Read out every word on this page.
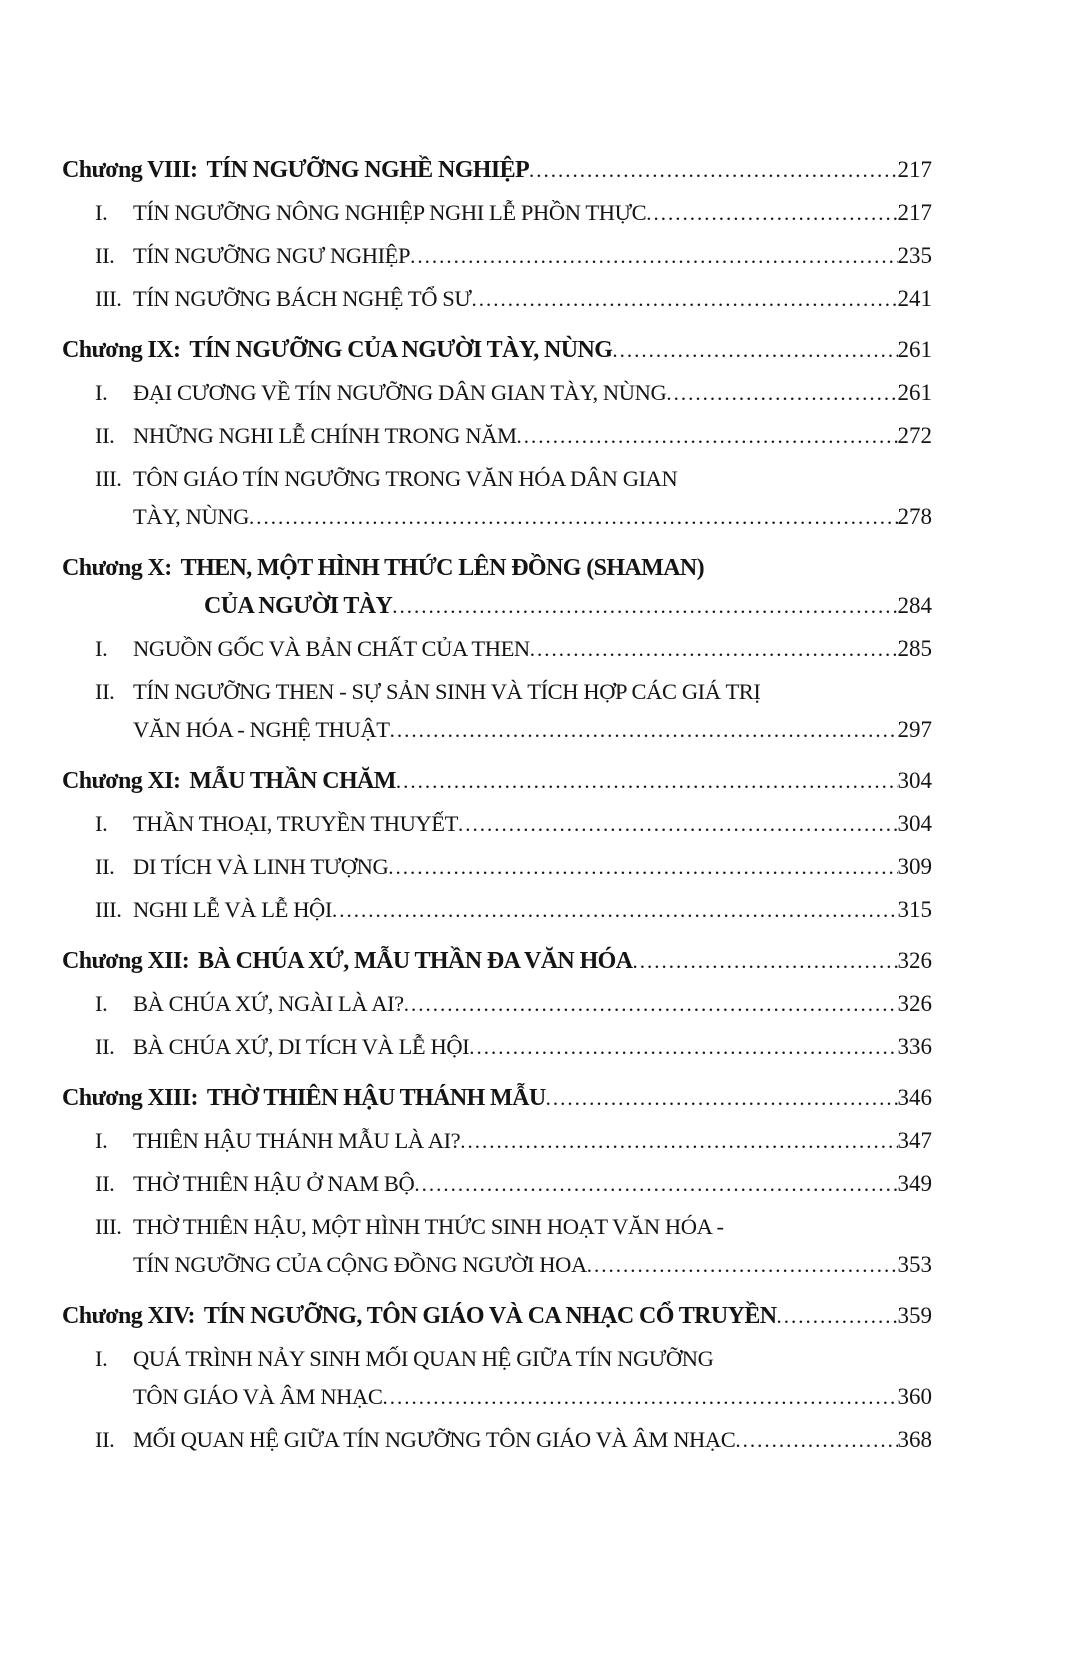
Chương VIII: TÍN NGƯỠNG NGHỀ NGHIỆP .....	217
I.	TÍN NGƯỠNG NÔNG NGHIỆP NGHI LỄ PHỒN THỰC .....	217
II. TÍN NGƯỠNG NGƯ NGHIỆP .....	235
III. TÍN NGƯỠNG BÁCH NGHỆ TỔ SƯ .....	241
Chương IX: TÍN NGƯỠNG CỦA NGƯỜI TÀY, NÙNG .....	261
I.	ĐẠI CƯƠNG VỀ TÍN NGƯỠNG DÂN GIAN TÀY, NÙNG .....	261
II. NHỮNG NGHI LỄ CHÍNH TRONG NĂM .....	272
III. TÔN GIÁO TÍN NGƯỠNG TRONG VĂN HÓA DÂN GIAN
TÀY, NÙNG .....	278
Chương X: THEN, MỘT HÌNH THỨC LÊN ĐỒNG (SHAMAN)
CỦA NGƯỜI TÀY .....	284
I.	NGUỒN GỐC VÀ BẢN CHẤT CỦA THEN .....	285
II. TÍN NGƯỠNG THEN - SỰ SẢN SINH VÀ TÍCH HỢP CÁC GIÁ TRỊ
VĂN HÓA - NGHỆ THUẬT .....	297
Chương XI: MẪU THẦN CHĂM .....	304
I.	THẦN THOẠI, TRUYỀN THUYẾT .....	304
II. DI TÍCH VÀ LINH TƯỢNG .....	309
III. NGHI LỄ VÀ LỄ HỘI .....	315
Chương XII: BÀ CHÚA XỨ, MẪU THẦN ĐA VĂN HÓA .....	326
I.	BÀ CHÚA XỨ, NGÀI LÀ AI? .....	326
II. BÀ CHÚA XỨ, DI TÍCH VÀ LỄ HỘI .....	336
Chương XIII: THỜ THIÊN HẬU THÁNH MẪU .....	346
I.	THIÊN HẬU THÁNH MẪU LÀ AI? .....	347
II. THỜ THIÊN HẬU Ở NAM BỘ .....	349
III. THỜ THIÊN HẬU, MỘT HÌNH THỨC SINH HOẠT VĂN HÓA -
TÍN NGƯỠNG CỦA CỘNG ĐỒNG NGƯỜI HOA .....	353
Chương XIV: TÍN NGƯỠNG, TÔN GIÁO VÀ CA NHẠC CỔ TRUYỀN .....	359
I.	QUÁ TRÌNH NẢY SINH MỐI QUAN HỆ GIỮA TÍN NGƯỠNG
TÔN GIÁO VÀ ÂM NHẠC .....	360
II. MỐI QUAN HỆ GIỮA TÍN NGƯỠNG TÔN GIÁO VÀ ÂM NHẠC .....	368
